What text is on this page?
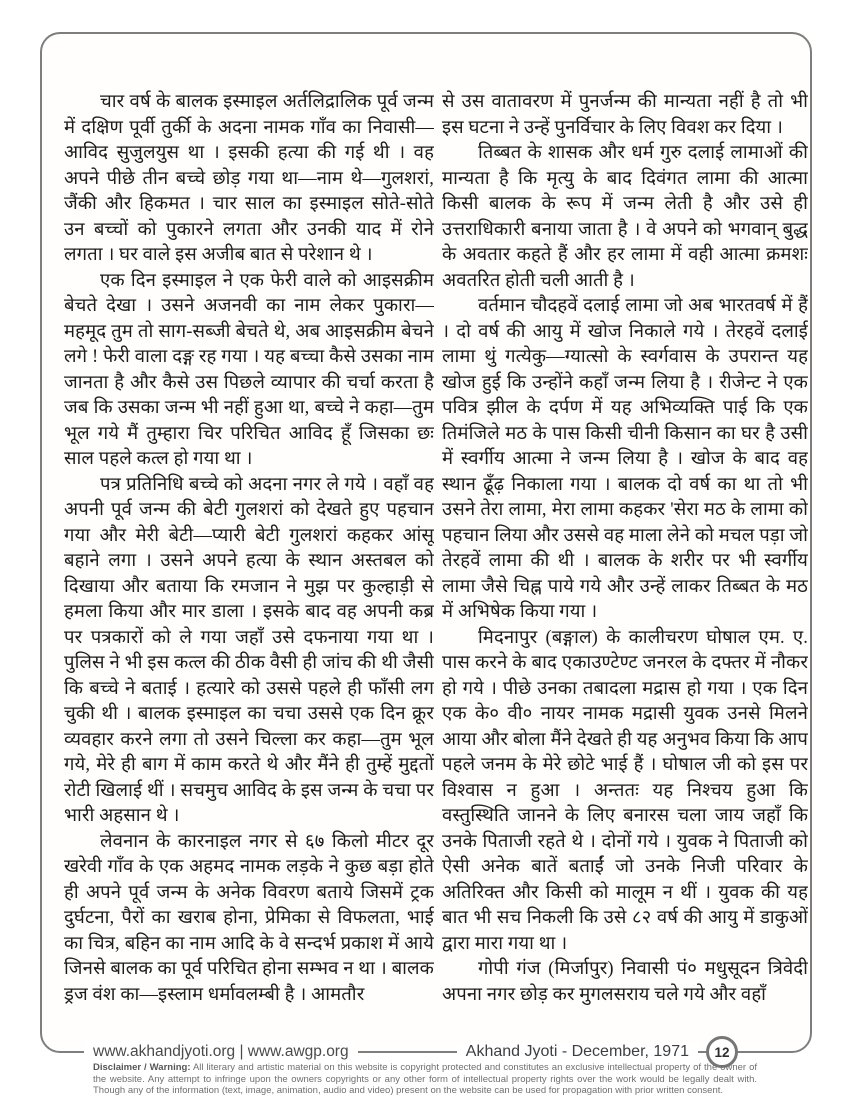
चार वर्ष के बालक इस्माइल अर्तलिद्रालिक पूर्व जन्म में दक्षिण पूर्वी तुर्की के अदना नामक गाँव का निवासी—आविद सुजुलयुस था । इसकी हत्या की गई थी । वह अपने पीछे तीन बच्चे छोड़ गया था—नाम थे—गुलशरां, जैंकी और हिकमत । चार साल का इस्माइल सोते-सोते उन बच्चों को पुकारने लगता और उनकी याद में रोने लगता । घर वाले इस अजीब बात से परेशान थे ।

एक दिन इस्माइल ने एक फेरी वाले को आइसक्रीम बेचते देखा । उसने अजनवी का नाम लेकर पुकारा—महमूद तुम तो साग-सब्जी बेचते थे, अब आइसक्रीम बेचने लगे ! फेरी वाला दङ्ग रह गया । यह बच्चा कैसे उसका नाम जानता है और कैसे उस पिछले व्यापार की चर्चा करता है जब कि उसका जन्म भी नहीं हुआ था, बच्चे ने कहा—तुम भूल गये मैं तुम्हारा चिर परिचित आविद हूँ जिसका छः साल पहले कत्ल हो गया था ।

पत्र प्रतिनिधि बच्चे को अदना नगर ले गये । वहाँ वह अपनी पूर्व जन्म की बेटी गुलशरां को देखते हुए पहचान गया और मेरी बेटी—प्यारी बेटी गुलशरां कहकर आंसू बहाने लगा । उसने अपने हत्या के स्थान अस्तबल को दिखाया और बताया कि रमजान ने मुझ पर कुल्हाड़ी से हमला किया और मार डाला । इसके बाद वह अपनी कब्र पर पत्रकारों को ले गया जहाँ उसे दफनाया गया था । पुलिस ने भी इस कत्ल की ठीक वैसी ही जांच की थी जैसी कि बच्चे ने बताई । हत्यारे को उससे पहले ही फाँसी लग चुकी थी । बालक इस्माइल का चचा उससे एक दिन क्रूर व्यवहार करने लगा तो उसने चिल्ला कर कहा—तुम भूल गये, मेरे ही बाग में काम करते थे और मैंने ही तुम्हें मुद्दतों रोटी खिलाई थीं । सचमुच आविद के इस जन्म के चचा पर भारी अहसान थे ।

लेवनान के कारनाइल नगर से ६७ किलो मीटर दूर खरेवी गाँव के एक अहमद नामक लड़के ने कुछ बड़ा होते ही अपने पूर्व जन्म के अनेक विवरण बताये जिसमें ट्रक दुर्घटना, पैरों का खराब होना, प्रेमिका से विफलता, भाई का चित्र, बहिन का नाम आदि के वे सन्दर्भ प्रकाश में आये जिनसे बालक का पूर्व परिचित होना सम्भव न था । बालक ड्रज वंश का—इस्लाम धर्मावलम्बी है । आमतौर

से उस वातावरण में पुनर्जन्म की मान्यता नहीं है तो भी इस घटना ने उन्हें पुनर्विचार के लिए विवश कर दिया ।

तिब्बत के शासक और धर्म गुरु दलाई लामाओं की मान्यता है कि मृत्यु के बाद दिवंगत लामा की आत्मा किसी बालक के रूप में जन्म लेती है और उसे ही उत्तराधिकारी बनाया जाता है । वे अपने को भगवान् बुद्ध के अवतार कहते हैं और हर लामा में वही आत्मा क्रमशः अवतरित होती चली आती है ।

वर्तमान चौदहवें दलाई लामा जो अब भारतवर्ष में हैं । दो वर्ष की आयु में खोज निकाले गये । तेरहवें दलाई लामा थुं गत्येकु—ग्यात्सो के स्वर्गवास के उपरान्त यह खोज हुई कि उन्होंने कहाँ जन्म लिया है । रीजेन्ट ने एक पवित्र झील के दर्पण में यह अभिव्यक्ति पाई कि एक तिमंजिले मठ के पास किसी चीनी किसान का घर है उसी में स्वर्गीय आत्मा ने जन्म लिया है । खोज के बाद वह स्थान ढूँढ़ निकाला गया । बालक दो वर्ष का था तो भी उसने तेरा लामा, मेरा लामा कहकर 'सेरा मठ के लामा को पहचान लिया और उससे वह माला लेने को मचल पड़ा जो तेरहवें लामा की थी । बालक के शरीर पर भी स्वर्गीय लामा जैसे चिह्न पाये गये और उन्हें लाकर तिब्बत के मठ में अभिषेक किया गया ।

मिदनापुर (बङ्गाल) के कालीचरण घोषाल एम. ए. पास करने के बाद एकाउण्टेण्ट जनरल के दफ्तर में नौकर हो गये । पीछे उनका तबादला मद्रास हो गया । एक दिन एक के० वी० नायर नामक मद्रासी युवक उनसे मिलने आया और बोला मैंने देखते ही यह अनुभव किया कि आप पहले जनम के मेरे छोटे भाई हैं । घोषाल जी को इस पर विश्वास न हुआ । अन्ततः यह निश्चय हुआ कि वस्तुस्थिति जानने के लिए बनारस चला जाय जहाँ कि उनके पिताजी रहते थे । दोनों गये । युवक ने पिताजी को ऐसी अनेक बातें बताईं जो उनके निजी परिवार के अतिरिक्त और किसी को मालूम न थीं । युवक की यह बात भी सच निकली कि उसे ८२ वर्ष की आयु में डाकुओं द्वारा मारा गया था ।

गोपी गंज (मिर्जापुर) निवासी पं० मधुसूदन त्रिवेदी अपना नगर छोड़ कर मुगलसराय चले गये और वहाँ

www.akhandjyoti.org | www.awgp.org	Akhand Jyoti - December, 1971	12

Disclaimer / Warning: All literary and artistic material on this website is copyright protected and constitutes an exclusive intellectual property of the owner of the website. Any attempt to infringe upon the owners copyrights or any other form of intellectual property rights over the work would be legally dealt with. Though any of the information (text, image, animation, audio and video) present on the website can be used for propagation with prior written consent.
